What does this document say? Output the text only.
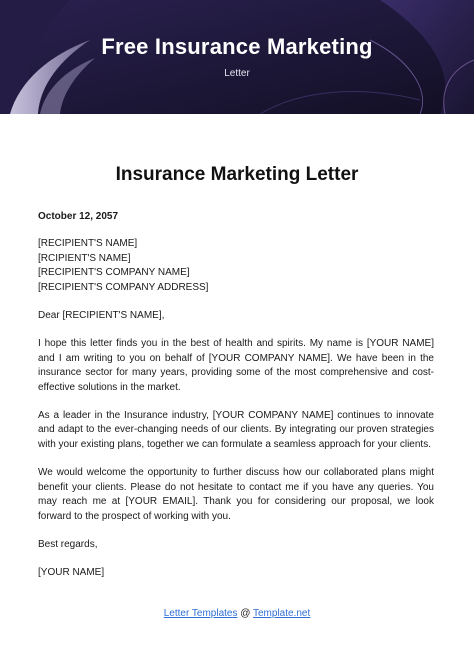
Free Insurance Marketing
Letter
Insurance Marketing Letter

October 12, 2057

[RECIPIENT'S NAME]

[RCIPIENT'S NAME]

[RECIPIENT'S COMPANY NAME]

[RECIPIENT'S COMPANY ADDRESS]

Dear [RECIPIENT'S NAME],

I hope this letter finds you in the best of health and spirits. My name is [YOUR NAME] and I am writing to you on behalf of [YOUR COMPANY NAME]. We have been in the insurance sector for many years, providing some of the most comprehensive and cost-effective solutions in the market.

As a leader in the Insurance industry, [YOUR COMPANY NAME] continues to innovate and adapt to the ever-changing needs of our clients. By integrating our proven strategies with your existing plans, together we can formulate a seamless approach for your clients.

We would welcome the opportunity to further discuss how our collaborated plans might benefit your clients. Please do not hesitate to contact me if you have any queries. You may reach me at [YOUR EMAIL]. Thank you for considering our proposal, we look forward to the prospect of working with you.

Best regards,

[YOUR NAME]

Letter Templates @ Template.net
